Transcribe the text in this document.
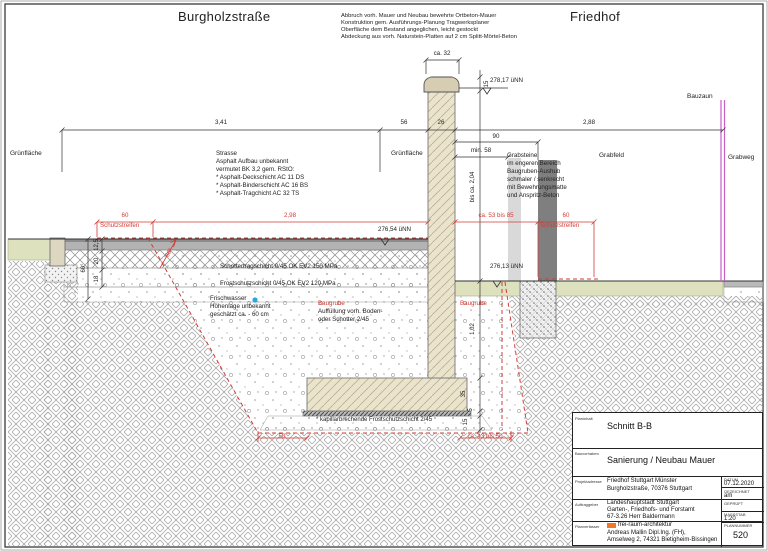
Burgholzstraße	Friedhof
Abbruch vorh. Mauer und Neubau bewehrte Ortbeton-Mauer
Konstruktion gem. Ausführungs-Planung Tragwerksplaner
Oberfläche dem Bestand angeglichen, leicht gestockt
Abdeckung aus vorh. Naturstein-Platten auf 2 cm Splitt-Mörtel-Beton
Grünfläche	Strasse
Asphalt Aufbau unbekannt
vermutet BK 3,2 gem. RStO:
* Asphalt-Deckschicht AC 11 DS
* Asphalt-Binderschicht AC 16 BS
* Asphalt-Tragchicht AC 32 TS
Grünfläche	Grabsteine
im engeren Bereich
Baugruben-Aushub
schmaler / senkrecht
mit Bewehrungsmatte
und Anspritz-Beton
Grabfeld	Grabweg
Bauzaun
ca. 32
3,41	56	26	2,88
90
min. 58
278,17 üNN
276,54 üNN
276,13 üNN
15
bis ca. 2,04
1,02
35
5
15
12,5
20
18
60°	Schottertragschicht 0/45 OK EV2 150 MPa
Frostschutzschicht 0/45 OK EV2 120 MPa
Frischwasser
Höhenlage unbekannt
geschätzt ca. - 60 cm
Baugrube
Auffüllung vorh. Boden-
oder Schotter 2/45
Baugrube
* kapillarbrechende Frostschutzschicht 2/45
60
Schutzstreifen
2,98	ca. 53 bis 85	60
Schutzstreifen
50	ca. 43 bis 50
60°
Planinhalt
Schnitt B-B
Bauvorhaben
Sanierung / Neubau Mauer
Projektadresse Friedhof Stuttgart Münster
Burgholzstraße, 70376 Stuttgart
Auftraggeber Landeshauptstadt Stuttgart
Garten-, Friedhofs- und Forstamt
67-3.26 Herr Baldermann
Planverfasser	frei-raum-architektur
Andreas Mallin Dipl.Ing. (FH),
Amselweg 2, 74321 Bietigheim-Bissingen
DATUM
07.12.2020
GEZEICHNET
am
GEPRÜFT
MASSSTAB
1:20
PLANNUMMER
520
